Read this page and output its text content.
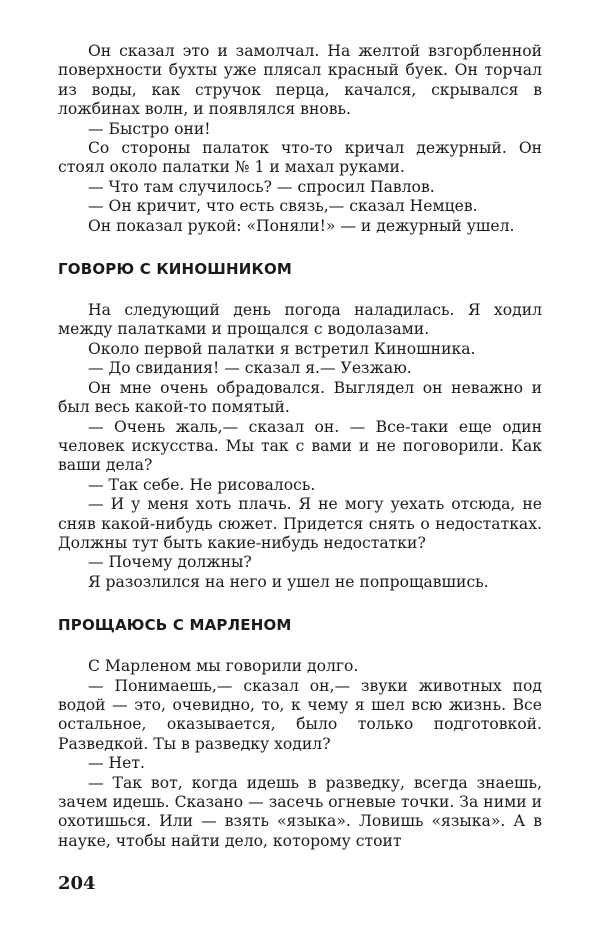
Он сказал это и замолчал. На желтой взгорбленной поверхности бухты уже плясал красный буек. Он торчал из воды, как стручок перца, качался, скрывался в ложбинах волн, и появлялся вновь.

— Быстро они!

Со стороны палаток что-то кричал дежурный. Он стоял около палатки № 1 и махал руками.

— Что там случилось? — спросил Павлов.

— Он кричит, что есть связь,— сказал Немцев.

Он показал рукой: «Поняли!» — и дежурный ушел.

ГОВОРЮ С КИНОШНИКОМ

На следующий день погода наладилась. Я ходил между палатками и прощался с водолазами.

Около первой палатки я встретил Киношника.

— До свидания! — сказал я.— Уезжаю.

Он мне очень обрадовался. Выглядел он неважно и был весь какой-то помятый.

— Очень жаль,— сказал он. — Все-таки еще один человек искусства. Мы так с вами и не поговорили. Как ваши дела?

— Так себе. Не рисовалось.

— И у меня хоть плачь. Я не могу уехать отсюда, не сняв какой-нибудь сюжет. Придется снять о недостатках. Должны тут быть какие-нибудь недостатки?

— Почему должны?

Я разозлился на него и ушел не попрощавшись.

ПРОЩАЮСЬ С МАРЛЕНОМ

С Марленом мы говорили долго.

— Понимаешь,— сказал он,— звуки животных под водой — это, очевидно, то, к чему я шел всю жизнь. Все остальное, оказывается, было только подготовкой. Разведкой. Ты в разведку ходил?

— Нет.

— Так вот, когда идешь в разведку, всегда знаешь, зачем идешь. Сказано — засечь огневые точки. За ними и охотишься. Или — взять «языка». Ловишь «языка». А в науке, чтобы найти дело, которому стоит

204
